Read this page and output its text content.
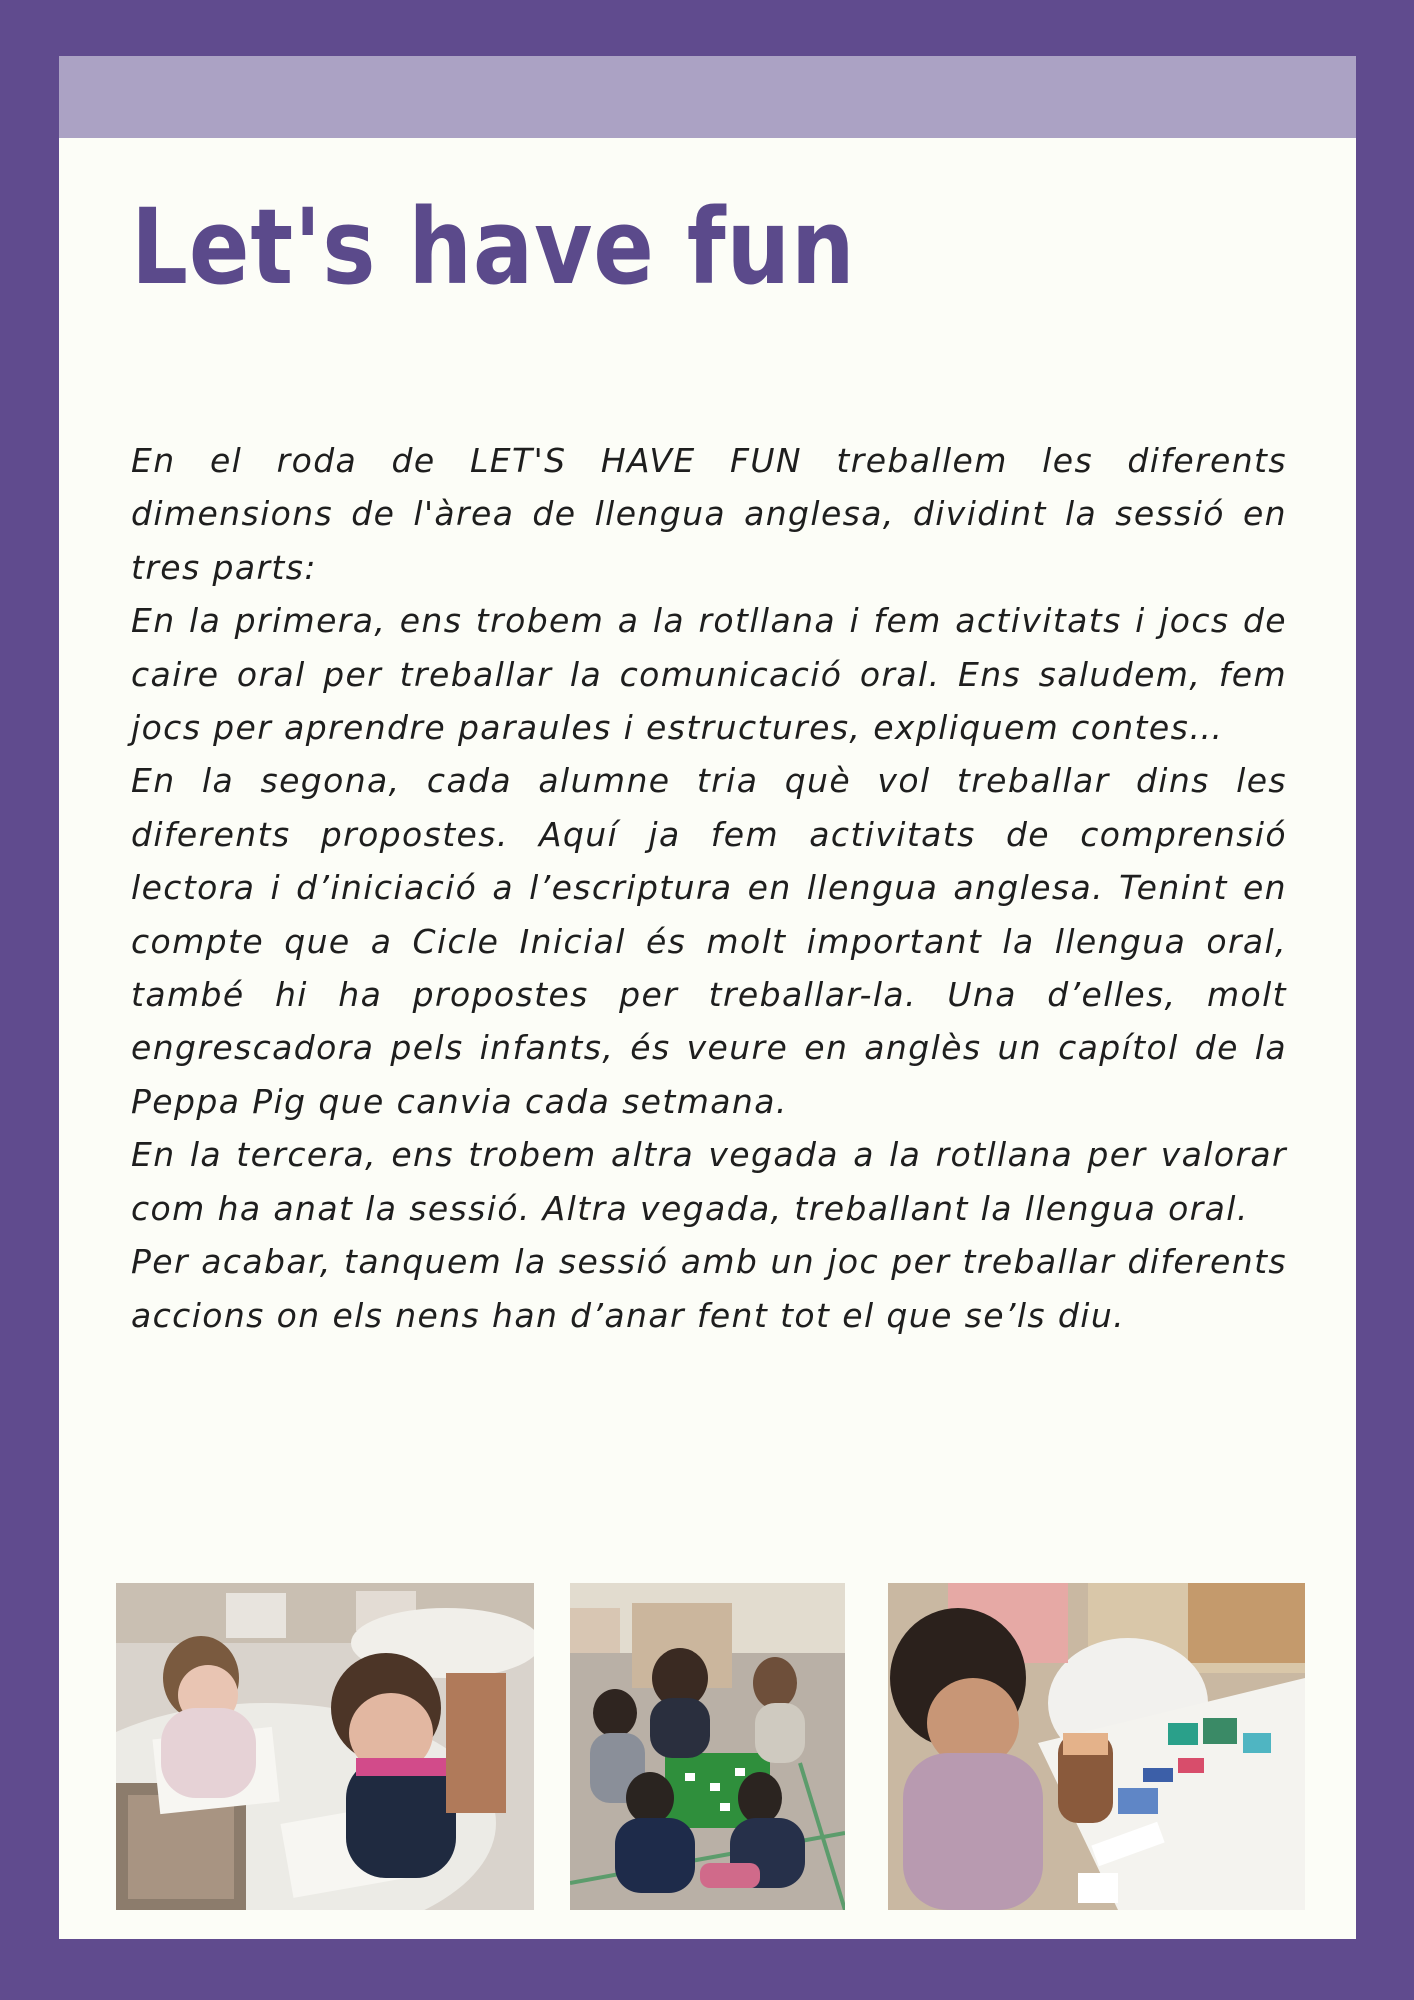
Let's have fun

En el roda de LET'S HAVE FUN treballem les diferents dimensions de l'àrea de llengua anglesa, dividint la sessió en tres parts:

En la primera, ens trobem a la rotllana i fem activitats i jocs de caire oral per treballar la comunicació oral. Ens saludem, fem jocs per aprendre paraules i estructures, expliquem contes…

En la segona, cada alumne tria què vol treballar dins les diferents propostes. Aquí ja fem activitats de comprensió lectora i d’iniciació a l’escriptura en llengua anglesa. Tenint en compte que a Cicle Inicial és molt important la llengua oral, també hi ha propostes per treballar-la. Una d’elles, molt engrescadora pels infants, és veure en anglès un capítol de la Peppa Pig que canvia cada setmana.

En la tercera, ens trobem altra vegada a la rotllana per valorar com ha anat la sessió. Altra vegada, treballant la llengua oral.

Per acabar, tanquem la sessió amb un joc per treballar diferents accions on els nens han d’anar fent tot el que se’ls diu.
